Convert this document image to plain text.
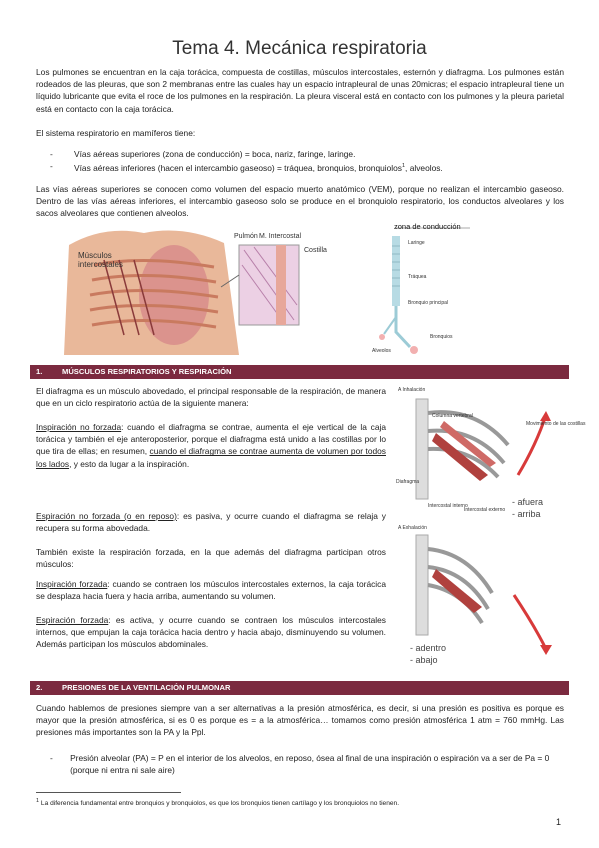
Tema 4. Mecánica respiratoria
Los pulmones se encuentran en la caja torácica, compuesta de costillas, músculos intercostales, esternón y diafragma. Los pulmones están rodeados de las pleuras, que son 2 membranas entre las cuales hay un espacio intrapleural de unas 20micras; el espacio intrapleural tiene un líquido lubricante que evita el roce de los pulmones en la respiración. La pleura visceral está en contacto con los pulmones y la pleura parietal está en contacto con la caja torácica.
El sistema respiratorio en mamíferos tiene:
-	Vías aéreas superiores (zona de conducción) = boca, nariz, faringe, laringe.
-	Vías aéreas inferiores (hacen el intercambio gaseoso) = tráquea, bronquios, bronquiolos$^1$, alveolos.
Las vías aéreas superiores se conocen como volumen del espacio muerto anatómico (VEM), porque no realizan el intercambio gaseoso. Dentro de las vías aéreas inferiores, el intercambio gaseoso solo se produce en el bronquiolo respiratorio, los conductos alveolares y los sacos alveolares que contienen alveolos.
Músculos
intercostales
Pulmón M. Intercostal
Costilla
zona de conducción
Laringe
Tráquea
Bronquio principal
Bronquios
Alveolos
1.	MÚSCULOS RESPIRATORIOS Y RESPIRACIÓN
El diafragma es un músculo abovedado, el principal responsable de la respiración, de manera que en un ciclo respiratorio actúa de la siguiente manera:
Inspiración no forzada: cuando el diafragma se contrae, aumenta el eje vertical de la caja torácica y también el eje anteroposterior, porque el diafragma está unido a las costillas por lo que tira de ellas; en resumen, cuando el diafragma se contrae aumenta de volumen por todos los lados, y esto da lugar a la inspiración.
Espiración no forzada (o en reposo): es pasiva, y ocurre cuando el diafragma se relaja y recupera su forma abovedada.
También existe la respiración forzada, en la que además del diafragma participan otros músculos:
Inspiración forzada: cuando se contraen los músculos intercostales externos, la caja torácica se desplaza hacia fuera y hacia arriba, aumentando su volumen.
Espiración forzada: es activa, y ocurre cuando se contraen los músculos intercostales internos, que empujan la caja torácica hacia dentro y hacia abajo, disminuyendo su volumen. Además participan los músculos abdominales.
A Inhalación
Columna vertebral
Movimiento de las costillas
Diafragma
Intercostal interno
Intercostal externo
- afuera
- arriba
A Exhalación
- adentro
- abajo
2.	PRESIONES DE LA VENTILACIÓN PULMONAR
Cuando hablemos de presiones siempre van a ser alternativas a la presión atmosférica, es decir, si una presión es positiva es porque es mayor que la presión atmosférica, si es 0 es porque es = a la atmosférica… tomamos como presión atmosférica 1 atm = 760 mmHg. Las presiones más importantes son la PA y la Ppl.
-	Presión alveolar (PA) = P en el interior de los alveolos, en reposo, ósea al final de una inspiración o espiración va a ser de Pa = 0 (porque ni entra ni sale aire)
$^1$ La diferencia fundamental entre bronquios y bronquiolos, es que los bronquios tienen cartílago y los bronquiolos no tienen.
1
